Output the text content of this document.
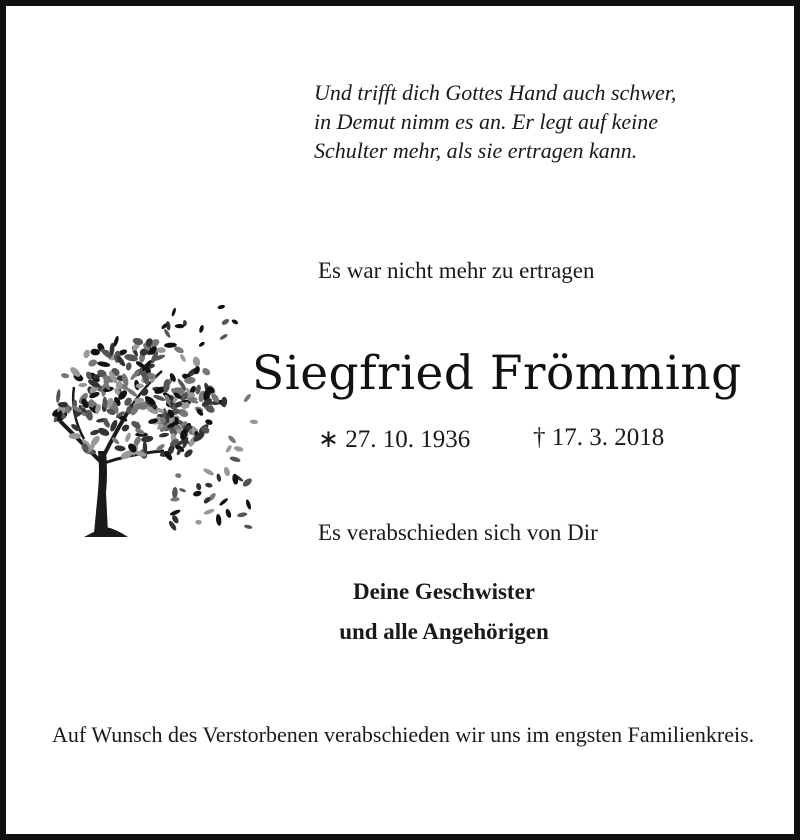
Und trifft dich Gottes Hand auch schwer,
in Demut nimm es an. Er legt auf keine
Schulter mehr, als sie ertragen kann.
Es war nicht mehr zu ertragen
Siegfried Frömming
∗ 27. 10. 1936	† 17. 3. 2018
Es verabschieden sich von Dir
Deine Geschwister
und alle Angehörigen
Auf Wunsch des Verstorbenen verabschieden wir uns im engsten Familienkreis.
